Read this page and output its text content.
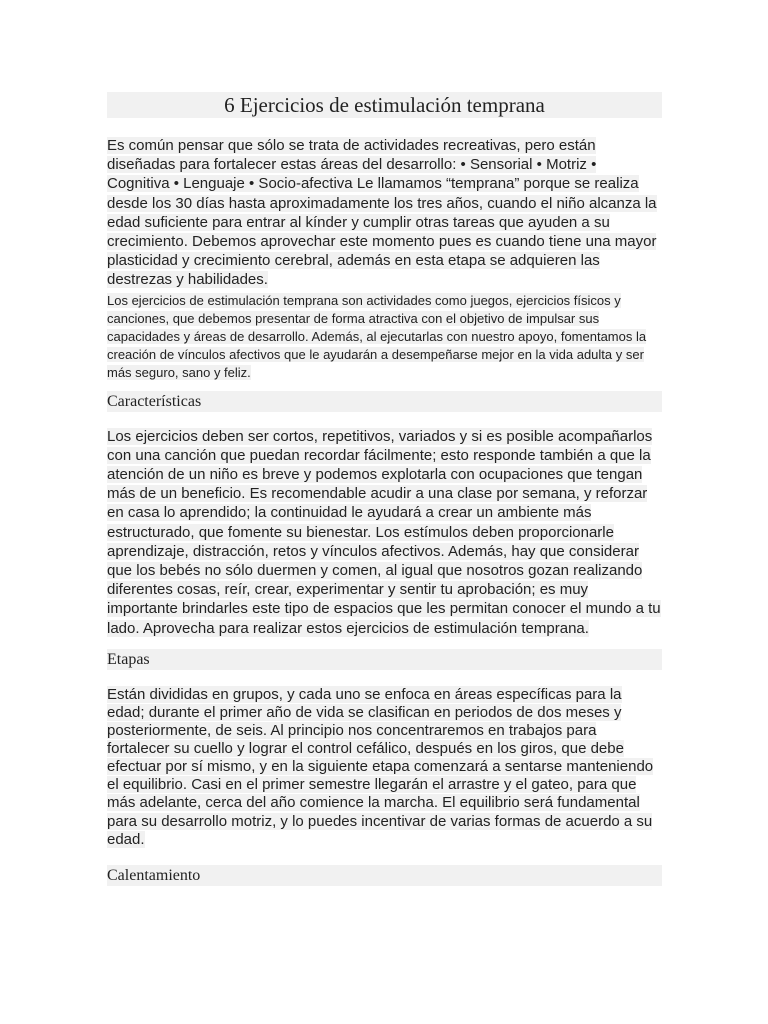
6 Ejercicios de estimulación temprana

Es común pensar que sólo se trata de actividades recreativas, pero están diseñadas para fortalecer estas áreas del desarrollo: • Sensorial • Motriz • Cognitiva • Lenguaje • Socio-afectiva Le llamamos “temprana” porque se realiza desde los 30 días hasta aproximadamente los tres años, cuando el niño alcanza la edad suficiente para entrar al kínder y cumplir otras tareas que ayuden a su crecimiento. Debemos aprovechar este momento pues es cuando tiene una mayor plasticidad y crecimiento cerebral, además en esta etapa se adquieren las destrezas y habilidades.

Los ejercicios de estimulación temprana son actividades como juegos, ejercicios físicos y canciones, que debemos presentar de forma atractiva con el objetivo de impulsar sus capacidades y áreas de desarrollo. Además, al ejecutarlas con nuestro apoyo, fomentamos la creación de vínculos afectivos que le ayudarán a desempeñarse mejor en la vida adulta y ser más seguro, sano y feliz.

Características

Los ejercicios deben ser cortos, repetitivos, variados y si es posible acompañarlos con una canción que puedan recordar fácilmente; esto responde también a que la atención de un niño es breve y podemos explotarla con ocupaciones que tengan más de un beneficio. Es recomendable acudir a una clase por semana, y reforzar en casa lo aprendido; la continuidad le ayudará a crear un ambiente más estructurado, que fomente su bienestar. Los estímulos deben proporcionarle aprendizaje, distracción, retos y vínculos afectivos. Además, hay que considerar que los bebés no sólo duermen y comen, al igual que nosotros gozan realizando diferentes cosas, reír, crear, experimentar y sentir tu aprobación; es muy importante brindarles este tipo de espacios que les permitan conocer el mundo a tu lado. Aprovecha para realizar estos ejercicios de estimulación temprana.

Etapas

Están divididas en grupos, y cada uno se enfoca en áreas específicas para la edad; durante el primer año de vida se clasifican en periodos de dos meses y posteriormente, de seis. Al principio nos concentraremos en trabajos para fortalecer su cuello y lograr el control cefálico, después en los giros, que debe efectuar por sí mismo, y en la siguiente etapa comenzará a sentarse manteniendo el equilibrio. Casi en el primer semestre llegarán el arrastre y el gateo, para que más adelante, cerca del año comience la marcha. El equilibrio será fundamental para su desarrollo motriz, y lo puedes incentivar de varias formas de acuerdo a su edad.

Calentamiento
